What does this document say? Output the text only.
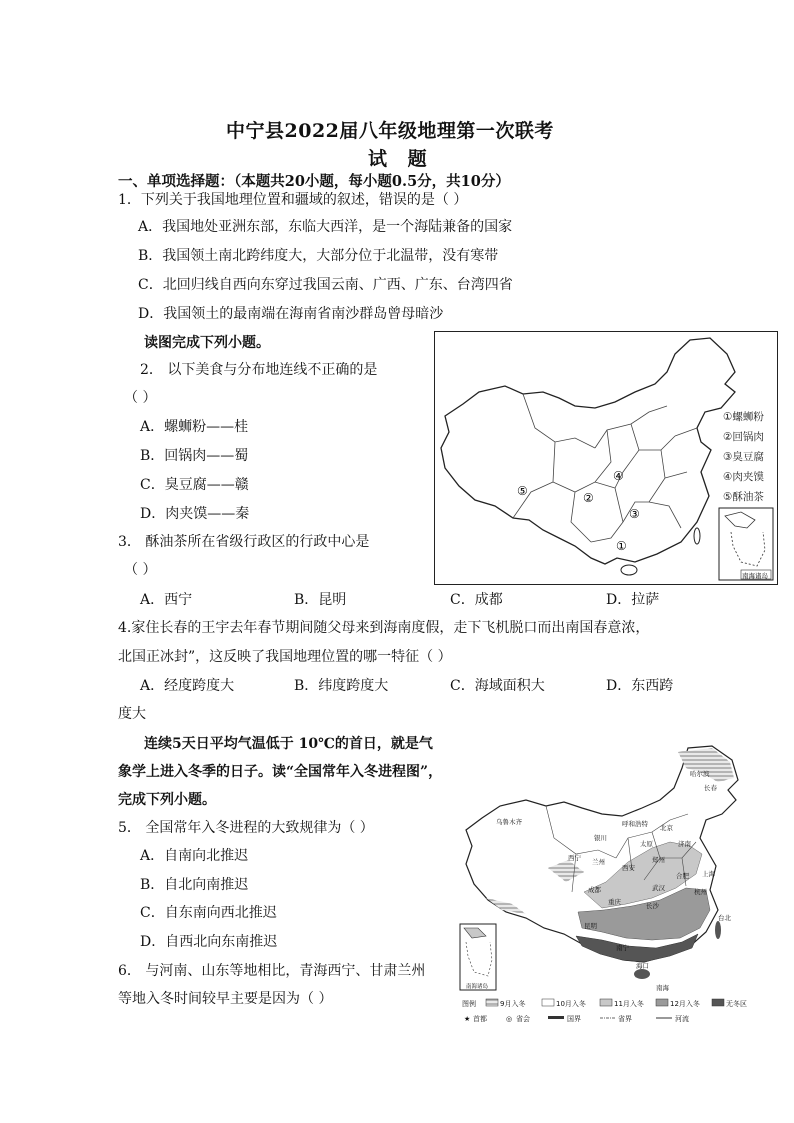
中宁县2022届八年级地理第一次联考
试 题
一、单项选择题：（本题共20小题，每小题0.5分，共10分）
1．下列关于我国地理位置和疆域的叙述，错误的是（ ）
A．我国地处亚洲东部，东临大西洋，是一个海陆兼备的国家
B．我国领土南北跨纬度大，大部分位于北温带，没有寒带
C．北回归线自西向东穿过我国云南、广西、广东、台湾四省
D．我国领土的最南端在海南省南沙群岛曾母暗沙
读图完成下列小题。
2． 以下美食与分布地连线不正确的是
（ ）
A．螺蛳粉——桂
B．回锅肉——蜀
C．臭豆腐——赣
D．肉夹馍——秦
3． 酥油茶所在省级行政区的行政中心是
（ ）
A．西宁	B．昆明	C．成都	D．拉萨
4.家住长春的王宇去年春节期间随父母来到海南度假，走下飞机脱口而出南国春意浓，
北国正冰封”，这反映了我国地理位置的哪一特征（ ）
A．经度跨度大	B．纬度跨度大	C．海域面积大	D．东西跨
度大
连续5天日平均气温低于 10℃的首日，就是气
象学上进入冬季的日子。读“全国常年入冬进程图”，
完成下列小题。
5． 全国常年入冬进程的大致规律为（ ）
A．自南向北推迟
B．自北向南推迟
C．自东南向西北推迟
D．自西北向东南推迟
6． 与河南、山东等地相比，青海西宁、甘肃兰州
等地入冬时间较早主要是因为（ ）
⑤	②
④
③
①
①螺蛳粉
②回锅肉
③臭豆腐
④肉夹馍
⑤酥油茶
南海诸岛
哈尔滨
长春
乌鲁木齐	呼和浩特
银川
北京
太原
西宁 兰州
济南
西安
郑州
成都	武汉
合肥 上海
重庆	长沙
杭州
昆明
南宁
台北
海口
南海
南海诸岛
图例	9月入冬	10月入冬	11月入冬	12月入冬	无冬区
★ 首都	◎ 省会	国界	省界	河流
